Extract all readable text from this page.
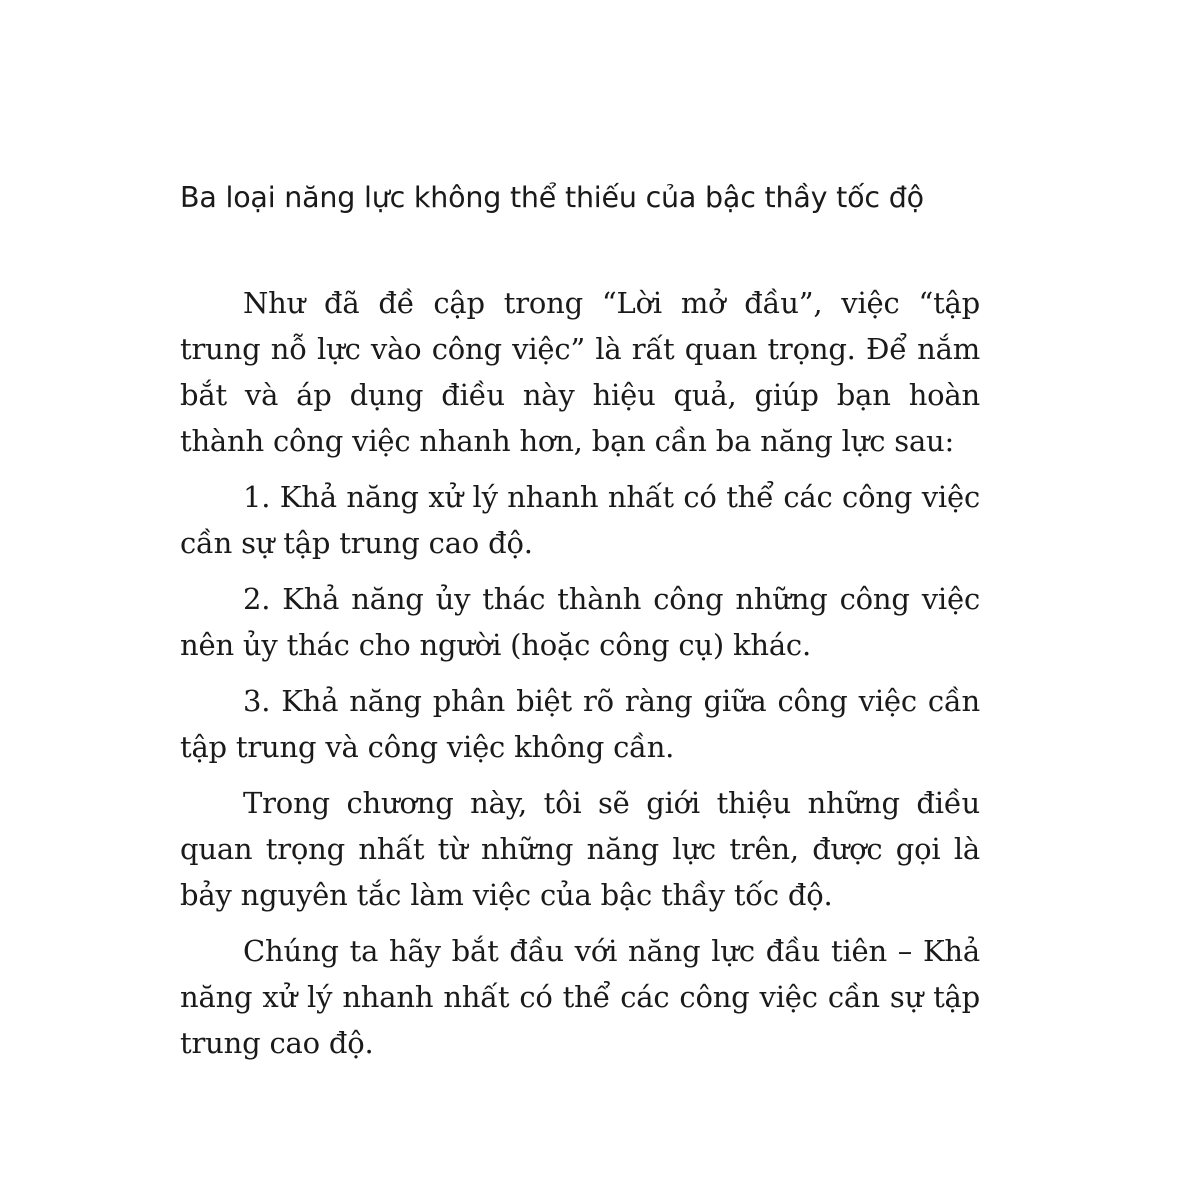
Ba loại năng lực không thể thiếu của bậc thầy tốc độ

Như đã đề cập trong “Lời mở đầu”, việc “tập trung nỗ lực vào công việc” là rất quan trọng. Để nắm bắt và áp dụng điều này hiệu quả, giúp bạn hoàn thành công việc nhanh hơn, bạn cần ba năng lực sau:

1. Khả năng xử lý nhanh nhất có thể các công việc cần sự tập trung cao độ.

2. Khả năng ủy thác thành công những công việc nên ủy thác cho người (hoặc công cụ) khác.

3. Khả năng phân biệt rõ ràng giữa công việc cần tập trung và công việc không cần.

Trong chương này, tôi sẽ giới thiệu những điều quan trọng nhất từ những năng lực trên, được gọi là bảy nguyên tắc làm việc của bậc thầy tốc độ.

Chúng ta hãy bắt đầu với năng lực đầu tiên – Khả năng xử lý nhanh nhất có thể các công việc cần sự tập trung cao độ.
